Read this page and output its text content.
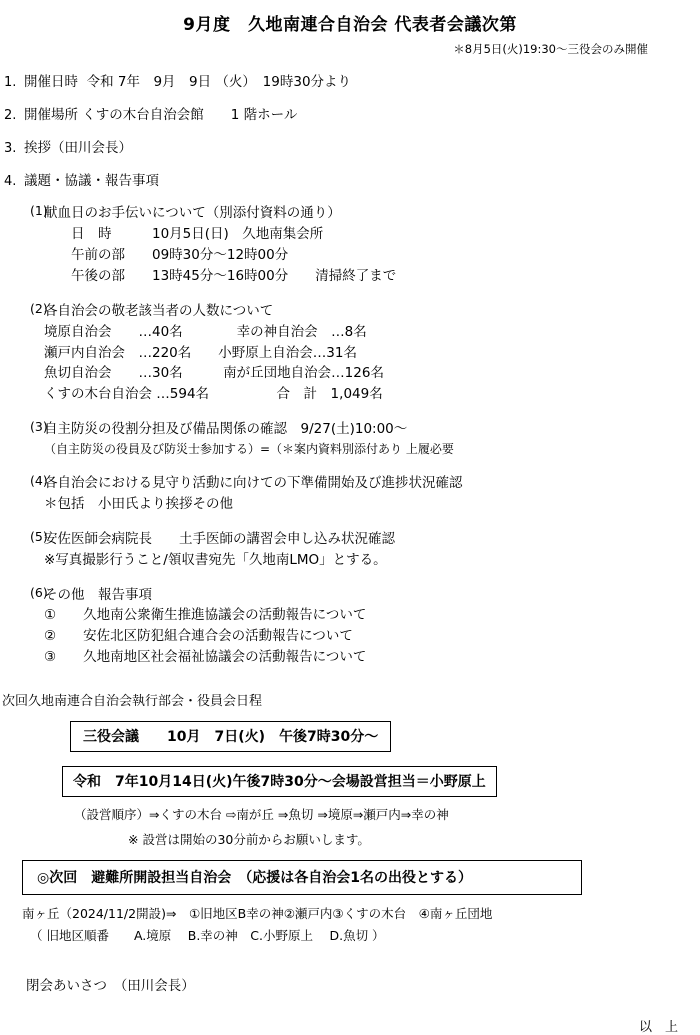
9月度　久地南連合自治会 代表者会議次第
＊8月5日(火)19:30～三役会のみ開催
1. 開催日時  令和 7年　9月　9日 （火）　19時30分より
2. 開催場所 くすの木台自治会館　　1 階ホール
3. 挨拶（田川会長）
4. 議題・協議・報告事項
(1)
献血日のお手伝いについて（別添付資料の通り）
　　日　時　　　10月5日(日)　久地南集会所
　　午前の部　　09時30分～12時00分
　　午後の部　　13時45分～16時00分　　清掃終了まで
(2)
各自治会の敬老該当者の人数について
境原自治会　　…40名　　　　幸の神自治会　…8名
瀬戸内自治会　…220名　　小野原上自治会…31名
魚切自治会　　…30名　　　南が丘団地自治会…126名
くすの木台自治会 …594名　　　　　合　計　1,049名
(3)
自主防災の役割分担及び備品関係の確認　9/27(土)10:00～
（自主防災の役員及び防災士参加する）=（＊案内資料別添付あり 上履必要
(4)
各自治会における見守り活動に向けての下準備開始及び進捗状況確認
＊包括　小田氏より挨拶その他
(5)
安佐医師会病院長　　土手医師の講習会申し込み状況確認
※写真撮影行うこと/領収書宛先「久地南LMO」とする。
(6)
その他　報告事項
①　　久地南公衆衛生推進協議会の活動報告について
②　　安佐北区防犯組合連合会の活動報告について
③　　久地南地区社会福祉協議会の活動報告について
次回久地南連合自治会執行部会・役員会日程
三役会議　　10月　7日(火)　午後7時30分～
令和　7年10月14日(火)午後7時30分～会場設営担当＝小野原上
（設営順序）⇒くすの木台 ⇨南が丘 ⇒魚切 ⇒境原⇒瀬戸内⇒幸の神
※ 設営は開始の30分前からお願いします。
◎次回　避難所開設担当自治会　（応援は各自治会1名の出役とする）
南ヶ丘（2024/11/2開設)⇒　①旧地区B幸の神②瀬戸内③くすの木台　④南ヶ丘団地
（ 旧地区順番　　A.境原　 B.幸の神　C.小野原上　 D.魚切 ）
閉会あいさつ　（田川会長）
以　上
